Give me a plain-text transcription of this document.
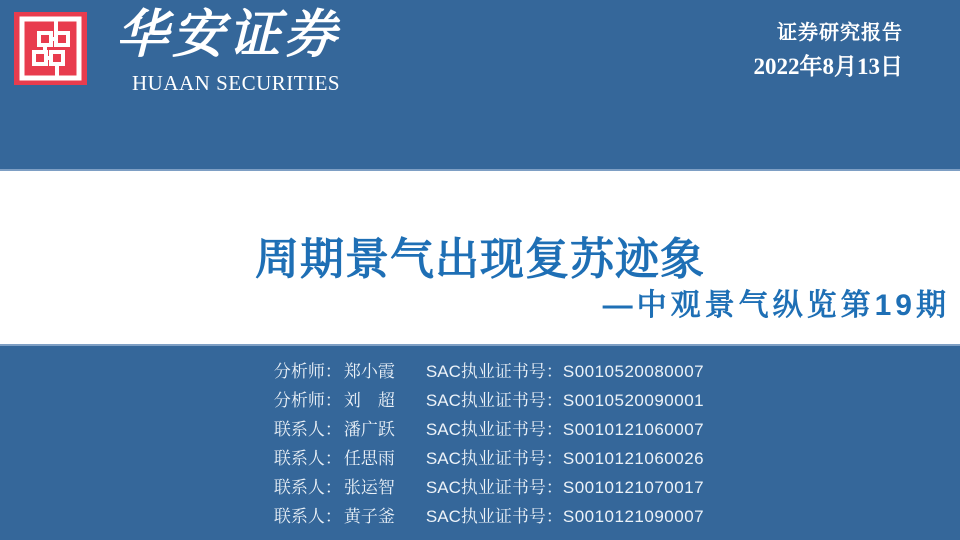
华安证券
HUAAN SECURITIES
证券研究报告
2022年8月13日
周期景气出现复苏迹象
—中观景气纵览第19期
分析师： 郑小霞 SAC执业证书号： S0010520080007
分析师： 刘　超 SAC执业证书号： S0010520090001
联系人： 潘广跃 SAC执业证书号： S0010121060007
联系人： 任思雨 SAC执业证书号： S0010121060026
联系人： 张运智 SAC执业证书号： S0010121070017
联系人： 黄子釜 SAC执业证书号： S0010121090007
